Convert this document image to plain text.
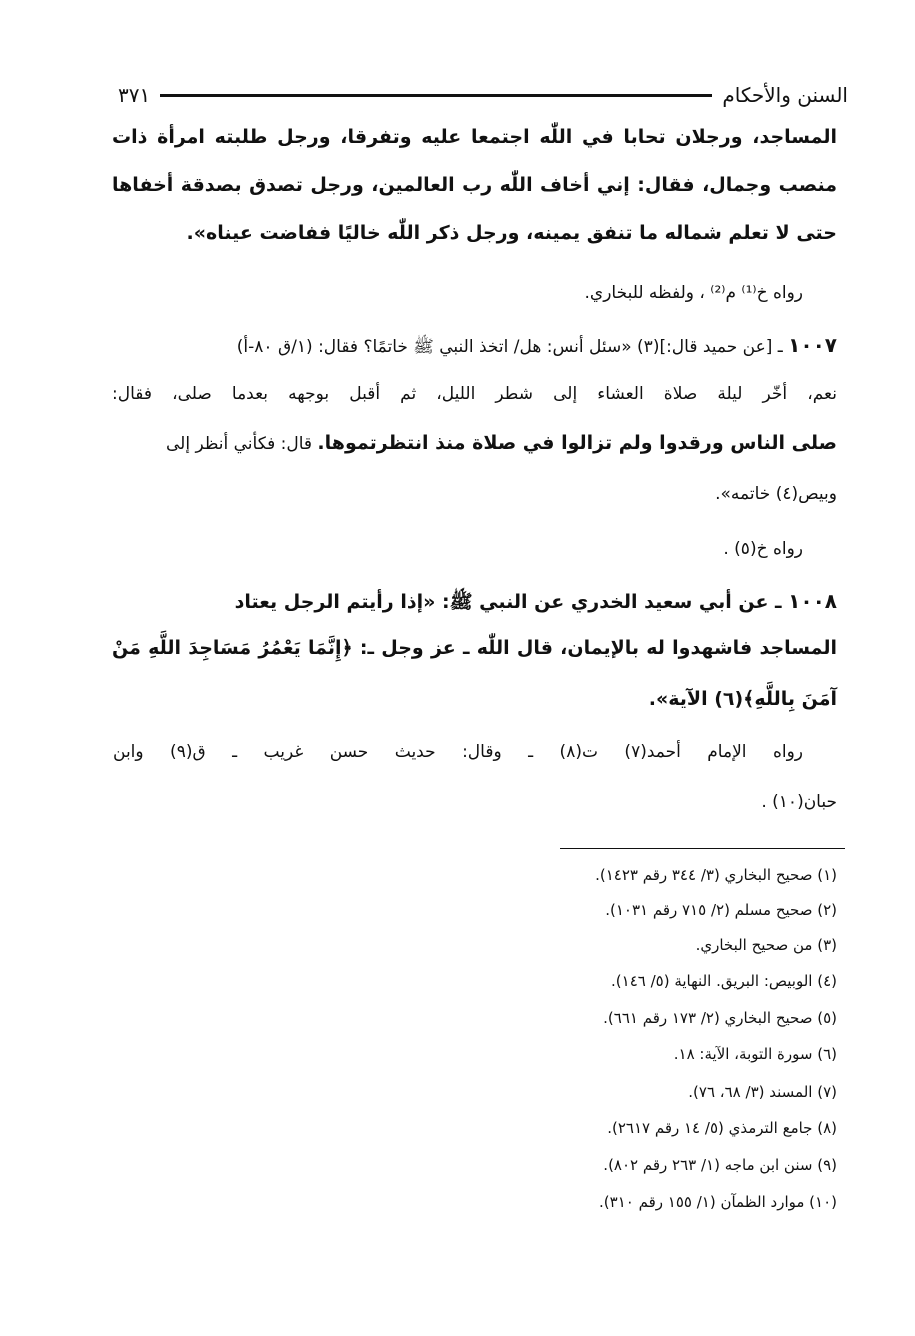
السنن والأحكام
٣٧١
المساجد، ورجلان تحابا في اللّٰه اجتمعا عليه وتفرقا، ورجل طلبته امرأة ذات
منصب وجمال، فقال: إني أخاف اللّٰه رب العالمين، ورجل تصدق بصدقة أخفاها
حتى لا تعلم شماله ما تنفق يمينه، ورجل ذكر اللّٰه خاليًا ففاضت عيناه».
رواه خ⁽¹⁾ م⁽²⁾ ، ولفظه للبخاري.
١٠٠٧ ـ [عن حميد قال:](٣) «سئل أنس: هل/ اتخذ النبي ﷺ خاتمًا؟ فقال: (١/ق ٨٠-أ)
نعم، أخّر ليلة صلاة العشاء إلى شطر الليل، ثم أقبل بوجهه بعدما صلى، فقال:
صلى الناس ورقدوا ولم تزالوا في صلاة منذ انتظرتموها. قال: فكأني أنظر إلى
وبيص(٤) خاتمه».
رواه خ(٥) .
١٠٠٨ ـ عن أبي سعيد الخدري عن النبي ﷺ: «إذا رأيتم الرجل يعتاد
المساجد فاشهدوا له بالإيمان، قال اللّٰه ـ عز وجل ـ: ﴿إِنَّمَا يَعْمُرُ مَسَاجِدَ اللَّهِ مَنْ
آمَنَ بِاللَّهِ﴾(٦) الآية».
رواه الإمام أحمد(٧) ت(٨) ـ وقال: حديث حسن غريب ـ ق(٩) وابن
حبان(١٠) .
(١) صحيح البخاري (٣/ ٣٤٤ رقم ١٤٢٣).
(٢) صحيح مسلم (٢/ ٧١٥ رقم ١٠٣١).
(٣) من صحيح البخاري.
(٤) الوبيص: البريق. النهاية (٥/ ١٤٦).
(٥) صحيح البخاري (٢/ ١٧٣ رقم ٦٦١).
(٦) سورة التوبة، الآية: ١٨.
(٧) المسند (٣/ ٦٨، ٧٦).
(٨) جامع الترمذي (٥/ ١٤ رقم ٢٦١٧).
(٩) سنن ابن ماجه (١/ ٢٦٣ رقم ٨٠٢).
(١٠) موارد الظمآن (١/ ١٥٥ رقم ٣١٠).
